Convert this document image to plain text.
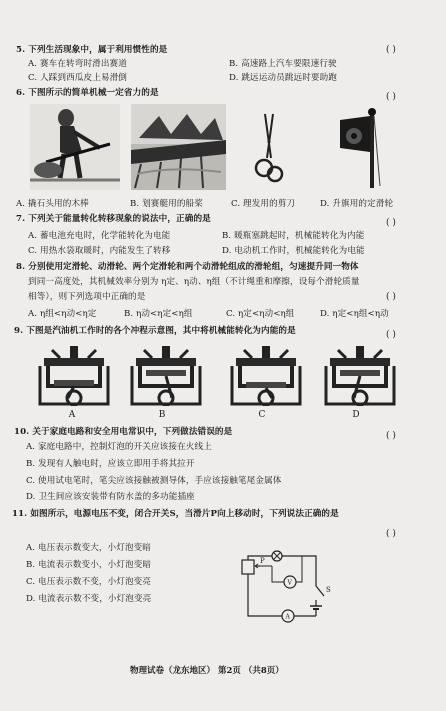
5. 下列生活现象中，属于利用惯性的是	( )
A. 赛车在转弯时滑出赛道	B. 高速路上汽车要限速行驶
C. 人踩到西瓜皮上易滑倒	D. 跳远运动员跳远时要助跑
6. 下图所示的简单机械一定省力的是	( )
A. 撬石头用的木棒	B. 划赛艇用的船桨	C. 理发用的剪刀	D. 升旗用的定滑轮
7. 下列关于能量转化转移现象的说法中，正确的是	( )
A. 蓄电池充电时，化学能转化为电能	B. 暖瓶塞跳起时，机械能转化为内能
C. 用热水袋取暖时，内能发生了转移	D. 电动机工作时，机械能转化为电能
8. 分别使用定滑轮、动滑轮、两个定滑轮和两个动滑轮组成的滑轮组，匀速提升同一物体
到同一高度处，其机械效率分别为 η定、η动、η组（不计绳重和摩擦，设每个滑轮质量
相等），则下列选项中正确的是	( )
A. η组<η动<η定	B. η动<η定<η组	C. η定<η动<η组	D. η定<η组<η动
9. 下图是汽油机工作时的各个冲程示意图，其中将机械能转化为内能的是	( )
A	B	C	D
10. 关于家庭电路和安全用电常识中，下列做法错误的是	( )
A. 家庭电路中，控制灯泡的开关应该接在火线上
B. 发现有人触电时，应该立即用手将其拉开
C. 使用试电笔时，笔尖应该接触被测导体，手应该接触笔尾金属体
D. 卫生间应该安装带有防水盖的多功能插座
11. 如图所示，电源电压不变，闭合开关S，当滑片P向上移动时，下列说法正确的是
( )
A. 电压表示数变大，小灯泡变暗
B. 电流表示数变小，小灯泡变暗
C. 电压表示数不变，小灯泡变亮
D. 电流表示数不变，小灯泡变亮
P
S
V
A
物理试卷（龙东地区） 第2页 （共8页）
